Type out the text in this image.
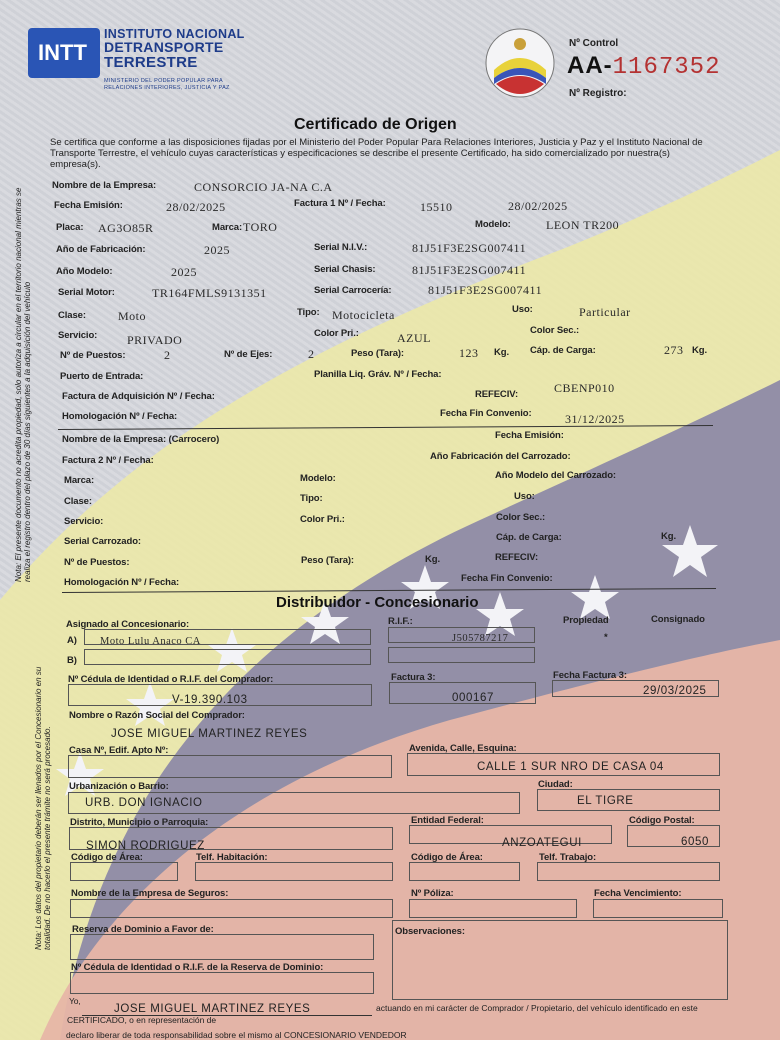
INTT
INSTITUTO NACIONAL
DETRANSPORTE
TERRESTRE
MINISTERIO DEL PODER POPULAR PARA
RELACIONES INTERIORES, JUSTICIA Y PAZ
Nº Control
AA-1167352
Nº Registro:
Certificado de Origen
Se certifica que conforme a las disposiciones fijadas por el Ministerio del Poder Popular Para Relaciones Interiores, Justicia y Paz y el Instituto Nacional de Transporte Terrestre, el vehículo cuyas características y especificaciones se describe el presente Certificado, ha sido comercializado por nuestra(s) empresa(s).
Nota: El presente documento no acredita propiedad, solo autoriza a circular en el territorio nacional mientras se realiza el registro dentro del plazo de 30 días siguientes a la adquisición del vehículo
Nota: Los datos del propietario deberán ser llenados por el Concesionario en su totalidad. De no hacerlo el presente trámite no será procesado.
Nombre de la Empresa:	CONSORCIO JA-NA C.A
Fecha Emisión:	28/02/2025	Factura 1 Nº / Fecha:	15510	28/02/2025
Placa: AG3O85R	Marca: TORO	Modelo:	LEON TR200
Año de Fabricación:	2025	Serial N.I.V.:	81J51F3E2SG007411
Año Modelo:	2025	Serial Chasis:	81J51F3E2SG007411
Serial Motor:	TR164FMLS9131351	Serial Carrocería:	81J51F3E2SG007411
Clase:	Moto	Tipo: Motocicleta	Uso:	Particular
Servicio: PRIVADO	Color Pri.:	AZUL
Color Sec.:
Nº de Puestos:	2	Nº de Ejes:	2	Peso (Tara):	123 Kg. Cáp. de Carga:	273 Kg.
Puerto de Entrada:	Planilla Liq. Gráv. Nº / Fecha:
Factura de Adquisición Nº / Fecha:	REFECIV:	CBENP010
Homologación Nº / Fecha:	Fecha Fin Convenio:	31/12/2025
Nombre de la Empresa: (Carrocero)	Fecha Emisión:
Factura 2 Nº / Fecha:	Año Fabricación del Carrozado:
Marca:	Modelo:	Año Modelo del Carrozado:
Clase:	Tipo:	Uso:
Servicio:	Color Pri.:	Color Sec.:
Serial Carrozado:	Cáp. de Carga:	Kg.
Nº de Puestos:	Peso (Tara):	Kg.	REFECIV:
Homologación Nº / Fecha:	Fecha Fin Convenio:
Distribuidor - Concesionario
Asignado al Concesionario:	R.I.F.:	Propiedad	Consignado
A) Moto Lulu Anaco CA	J505787217	*
B)
Nº Cédula de Identidad o R.I.F. del Comprador:
V-19.390.103
Factura 3:
000167
Fecha Factura 3:
29/03/2025
Nombre o Razón Social del Comprador:
JOSE MIGUEL MARTINEZ REYES
Casa Nº, Edif. Apto Nº:	Avenida, Calle, Esquina:
CALLE 1 SUR NRO DE CASA 04
Urbanización o Barrio:
URB. DON IGNACIO
Ciudad:
EL TIGRE
Distrito, Municipio o Parroquia:
SIMON RODRIGUEZ
Entidad Federal:
ANZOATEGUI
Código Postal:
6050
Código de Área:	Telf. Habitación:	Código de Área:	Telf. Trabajo:
Nombre de la Empresa de Seguros:	Nº Póliza:	Fecha Vencimiento:
Reserva de Dominio a Favor de:	Observaciones:
Nº Cédula de Identidad o R.I.F. de la Reserva de Dominio:
Yo,
JOSE MIGUEL MARTINEZ REYES	actuando en mi carácter de Comprador / Propietario, del vehículo identificado en este
CERTIFICADO, o en representación de
declaro liberar de toda responsabilidad sobre el mismo al CONCESIONARIO VENDEDOR
